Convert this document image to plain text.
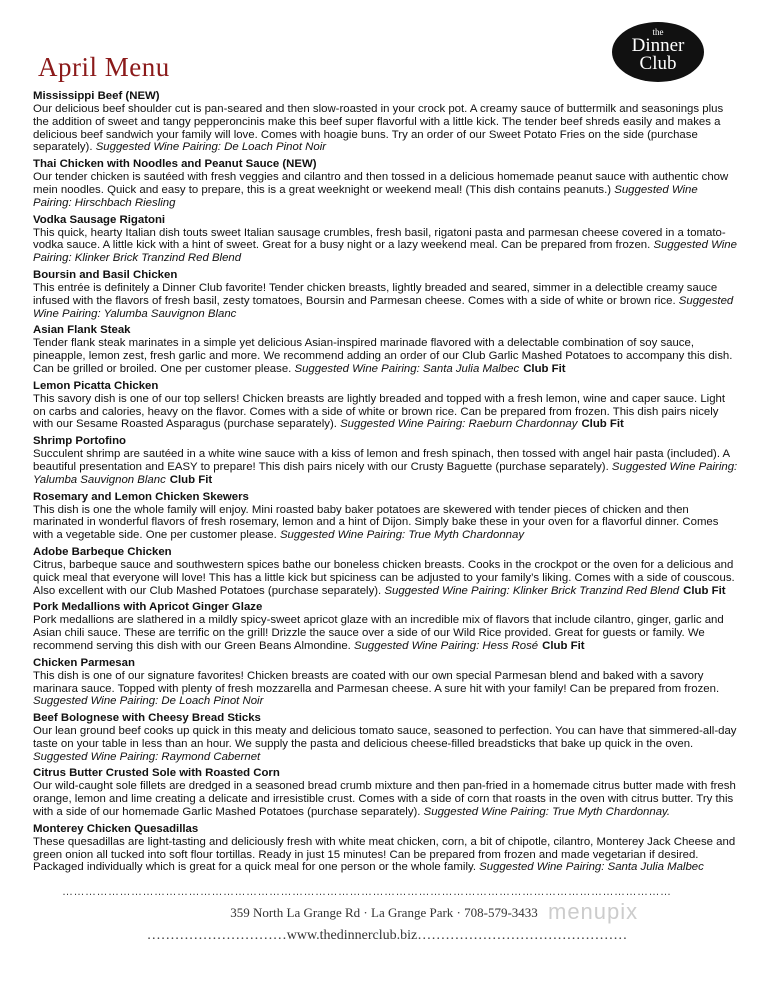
April Menu
the
Dinner
Club
Mississippi Beef (NEW)
Our delicious beef shoulder cut is pan-seared and then slow-roasted in your crock pot. A creamy sauce of buttermilk and seasonings plus the addition of sweet and tangy pepperoncinis make this beef super flavorful with a little kick. The tender beef shreds easily and makes a delicious beef sandwich your family will love. Comes with hoagie buns. Try an order of our Sweet Potato Fries on the side (purchase separately). Suggested Wine Pairing: De Loach Pinot Noir
Thai Chicken with Noodles and Peanut Sauce (NEW)
Our tender chicken is sautéed with fresh veggies and cilantro and then tossed in a delicious homemade peanut sauce with authentic chow mein noodles. Quick and easy to prepare, this is a great weeknight or weekend meal! (This dish contains peanuts.) Suggested Wine Pairing: Hirschbach Riesling
Vodka Sausage Rigatoni
This quick, hearty Italian dish touts sweet Italian sausage crumbles, fresh basil, rigatoni pasta and parmesan cheese covered in a tomato-vodka sauce. A little kick with a hint of sweet. Great for a busy night or a lazy weekend meal. Can be prepared from frozen. Suggested Wine Pairing: Klinker Brick Tranzind Red Blend
Boursin and Basil Chicken
This entrée is definitely a Dinner Club favorite! Tender chicken breasts, lightly breaded and seared, simmer in a delectible creamy sauce infused with the flavors of fresh basil, zesty tomatoes, Boursin and Parmesan cheese. Comes with a side of white or brown rice. Suggested Wine Pairing: Yalumba Sauvignon Blanc
Asian Flank Steak
Tender flank steak marinates in a simple yet delicious Asian-inspired marinade flavored with a delectable combination of soy sauce, pineapple, lemon zest, fresh garlic and more. We recommend adding an order of our Club Garlic Mashed Potatoes to accompany this dish. Can be grilled or broiled. One per customer please. Suggested Wine Pairing: Santa Julia Malbec Club Fit
Lemon Picatta Chicken
This savory dish is one of our top sellers! Chicken breasts are lightly breaded and topped with a fresh lemon, wine and caper sauce. Light on carbs and calories, heavy on the flavor. Comes with a side of white or brown rice. Can be prepared from frozen. This dish pairs nicely with our Sesame Roasted Asparagus (purchase separately). Suggested Wine Pairing: Raeburn Chardonnay Club Fit
Shrimp Portofino
Succulent shrimp are sautéed in a white wine sauce with a kiss of lemon and fresh spinach, then tossed with angel hair pasta (included). A beautiful presentation and EASY to prepare! This dish pairs nicely with our Crusty Baguette (purchase separately). Suggested Wine Pairing: Yalumba Sauvignon Blanc Club Fit
Rosemary and Lemon Chicken Skewers
This dish is one the whole family will enjoy. Mini roasted baby baker potatoes are skewered with tender pieces of chicken and then marinated in wonderful flavors of fresh rosemary, lemon and a hint of Dijon. Simply bake these in your oven for a flavorful dinner. Comes with a vegetable side. One per customer please. Suggested Wine Pairing: True Myth Chardonnay
Adobe Barbeque Chicken
Citrus, barbeque sauce and southwestern spices bathe our boneless chicken breasts. Cooks in the crockpot or the oven for a delicious and quick meal that everyone will love! This has a little kick but spiciness can be adjusted to your family’s liking. Comes with a side of couscous. Also excellent with our Club Mashed Potatoes (purchase separately). Suggested Wine Pairing: Klinker Brick Tranzind Red Blend Club Fit
Pork Medallions with Apricot Ginger Glaze
Pork medallions are slathered in a mildly spicy-sweet apricot glaze with an incredible mix of flavors that include cilantro, ginger, garlic and Asian chili sauce. These are terrific on the grill! Drizzle the sauce over a side of our Wild Rice provided. Great for guests or family. We recommend serving this dish with our Green Beans Almondine. Suggested Wine Pairing: Hess Rosé Club Fit
Chicken Parmesan
This dish is one of our signature favorites! Chicken breasts are coated with our own special Parmesan blend and baked with a savory marinara sauce. Topped with plenty of fresh mozzarella and Parmesan cheese. A sure hit with your family! Can be prepared from frozen. Suggested Wine Pairing: De Loach Pinot Noir
Beef Bolognese with Cheesy Bread Sticks
Our lean ground beef cooks up quick in this meaty and delicious tomato sauce, seasoned to perfection. You can have that simmered-all-day taste on your table in less than an hour. We supply the pasta and delicious cheese-filled breadsticks that bake up quick in the oven. Suggested Wine Pairing: Raymond Cabernet
Citrus Butter Crusted Sole with Roasted Corn
Our wild-caught sole fillets are dredged in a seasoned bread crumb mixture and then pan-fried in a homemade citrus butter made with fresh orange, lemon and lime creating a delicate and irresistible crust. Comes with a side of corn that roasts in the oven with citrus butter. Try this with a side of our homemade Garlic Mashed Potatoes (purchase separately). Suggested Wine Pairing: True Myth Chardonnay.
Monterey Chicken Quesadillas
These quesadillas are light-tasting and deliciously fresh with white meat chicken, corn, a bit of chipotle, cilantro, Monterey Jack Cheese and green onion all tucked into soft flour tortillas. Ready in just 15 minutes! Can be prepared from frozen and made vegetarian if desired. Packaged individually which is great for a quick meal for one person or the whole family. Suggested Wine Pairing: Santa Julia Malbec
……………………………………………………………………………………………………………………………………………
359 North La Grange Rd · La Grange Park · 708-579-3433 menupix
…………………………www.thedinnerclub.biz………………………………………
